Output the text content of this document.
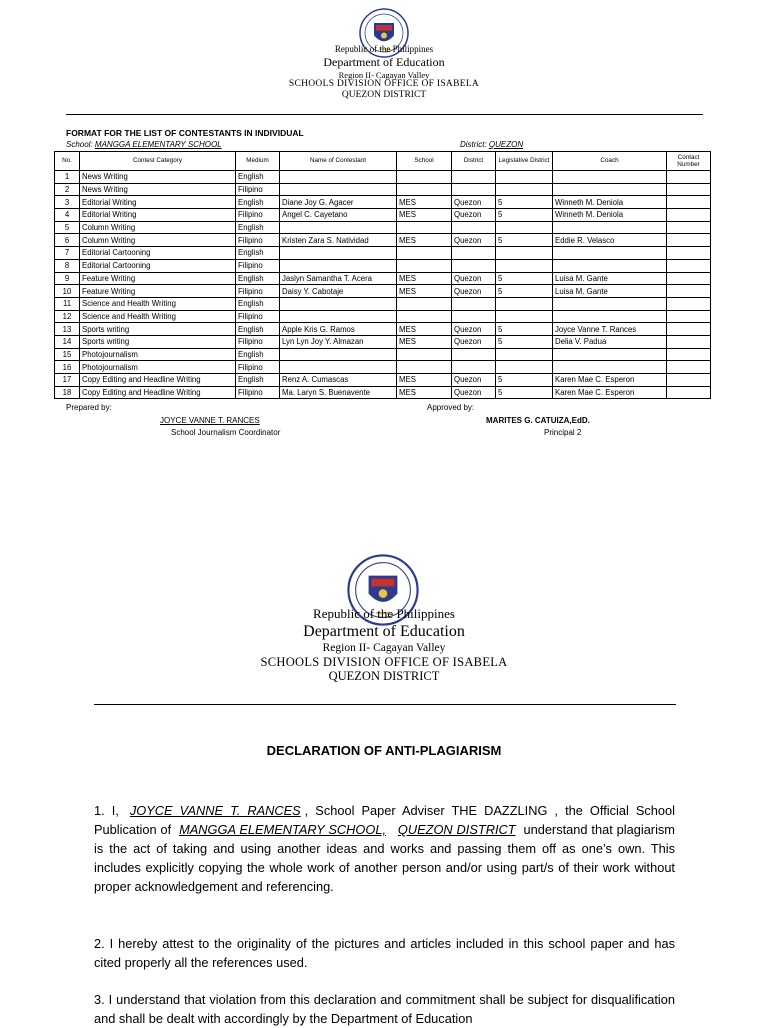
Republic of the Philippines
Department of Education
Region II- Cagayan Valley
SCHOOLS DIVISION OFFICE OF ISABELA
QUEZON DISTRICT
FORMAT FOR THE LIST OF CONTESTANTS IN INDIVIDUAL
School: MANGGA ELEMENTARY SCHOOL	District: QUEZON
No.	Contest Category	Medium	Name of Contestant	School	District	Legislative District	Coach	Contact Number
1	News Writing	English						
2	News Writing	Filipino						
3	Editorial Writing	English	Diane Joy G. Agacer	MES	Quezon	5	Winneth M. Deniola	
4	Editorial Writing	Filipino	Angel C. Cayetano	MES	Quezon	5	Winneth M. Deniola	
5	Column Writing	English						
6	Column Writing	Filipino	Kristen Zara S. Natividad	MES	Quezon	5	Eddie R. Velasco	
7	Editorial Cartooning	English						
8	Editorial Cartooning	Filipino						
9	Feature Writing	English	Jaslyn Samantha T. Acera	MES	Quezon	5	Luisa M. Gante	
10	Feature Writing	Filipino	Daisy Y. Cabotaje	MES	Quezon	5	Luisa M. Gante	
11	Science and Health Writing	English						
12	Science and Health Writing	Filipino						
13	Sports writing	English	Apple Kris G. Ramos	MES	Quezon	5	Joyce Vanne T. Rances	
14	Sports writing	Filipino	Lyn Lyn Joy Y. Almazan	MES	Quezon	5	Delia V. Padua	
15	Photojournalism	English						
16	Photojournalism	Filipino						
17	Copy Editing and Headline Writing	English	Renz A. Cumascas	MES	Quezon	5	Karen Mae C. Esperon	
18	Copy Editing and Headline Writing	Filipino	Ma. Laryn S. Buenavente	MES	Quezon	5	Karen Mae C. Esperon	
Prepared by:
JOYCE VANNE T. RANCES
School Journalism Coordinator
Approved by:
MARITES G. CATUIZA,EdD.
Principal 2
Republic of the Philippines
Department of Education
Region II- Cagayan Valley
SCHOOLS DIVISION OFFICE OF ISABELA
QUEZON DISTRICT
DECLARATION OF ANTI-PLAGIARISM
1. I, JOYCE VANNE T. RANCES , School Paper Adviser THE DAZZLING , the Official School Publication of MANGGA ELEMENTARY SCHOOL, QUEZON DISTRICT understand that plagiarism is the act of taking and using another ideas and works and passing them off as one’s own. This includes explicitly copying the whole work of another person and/or using part/s of their work without proper acknowledgement and referencing.
2. I hereby attest to the originality of the pictures and articles included in this school paper and has cited properly all the references used.
3. I understand that violation from this declaration and commitment shall be subject for disqualification and shall be dealt with accordingly by the Department of Education
